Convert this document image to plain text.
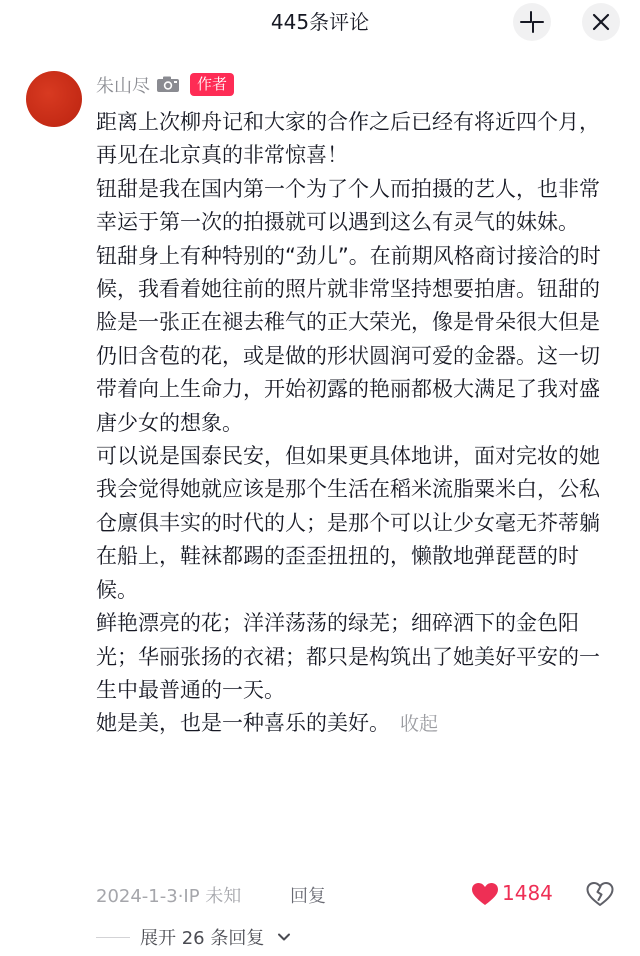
445条评论
朱山尽	作者

距离上次柳舟记和大家的合作之后已经有将近四个月，再见在北京真的非常惊喜！

钮甜是我在国内第一个为了个人而拍摄的艺人，也非常幸运于第一次的拍摄就可以遇到这么有灵气的妹妹。

钮甜身上有种特别的“劲儿”。在前期风格商讨接洽的时候，我看着她往前的照片就非常坚持想要拍唐。钮甜的脸是一张正在褪去稚气的正大荣光，像是骨朵很大但是仍旧含苞的花，或是做的形状圆润可爱的金器。这一切带着向上生命力，开始初露的艳丽都极大满足了我对盛唐少女的想象。

可以说是国泰民安，但如果更具体地讲，面对完妆的她我会觉得她就应该是那个生活在稻米流脂粟米白，公私仓廪俱丰实的时代的人；是那个可以让少女毫无芥蒂躺在船上，鞋袜都踢的歪歪扭扭的，懒散地弹琵琶的时候。

鲜艳漂亮的花；洋洋荡荡的绿芜；细碎洒下的金色阳光；华丽张扬的衣裙；都只是构筑出了她美好平安的一生中最普通的一天。

她是美，也是一种喜乐的美好。 收起

2024-1-3·IP 未知	回复	1484
展开 26 条回复
